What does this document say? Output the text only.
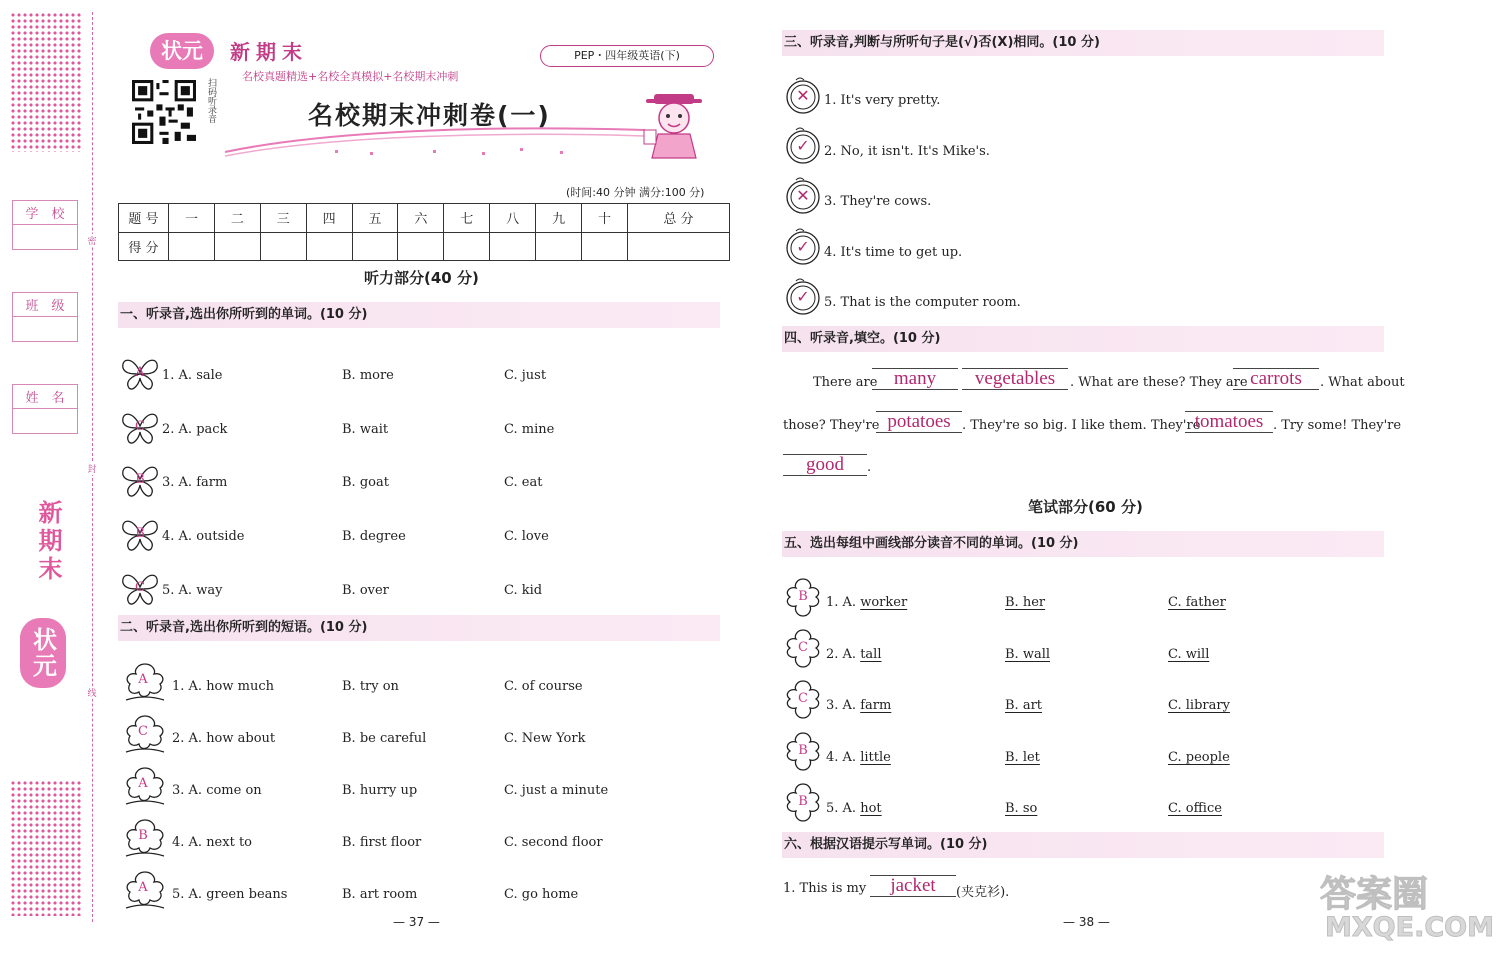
密
封
线
学 校
班 级
姓 名
新期末
状元
状元	新期末
名校真题精选+名校全真模拟+名校期末冲刺
PEP・四年级英语(下)
扫码听录音	名校期末冲刺卷(一)
(时间:40 分钟 满分:100 分)
题 号	一	二	三	四	五	六	七	八	九	十	总 分
得 分											
听力部分(40 分)
一、听录音,选出你所听到的单词。(10 分)
A	1. A. sale	B. more	C. just
C	2. A. pack	B. wait	C. mine
B	3. A. farm	B. goat	C. eat
B	4. A. outside	B. degree	C. love
C	5. A. way	B. over	C. kid
二、听录音,选出你所听到的短语。(10 分)
A	1. A. how much	B. try on	C. of course
C	2. A. how about	B. be careful	C. New York
A	3. A. come on	B. hurry up	C. just a minute
B	4. A. next to	B. first floor	C. second floor
A	5. A. green beans	B. art room	C. go home
— 37 —
三、听录音,判断与所听句子是(√)否(X)相同。(10 分)
✕	1. It's very pretty.
✓	2. No, it isn't. It's Mike's.
✕	3. They're cows.
✓	4. It's time to get up.
✓	5. That is the computer room.
四、听录音,填空。(10 分)
There are many	vegetables	. What are these? They are carrots	. What about
those? They're potatoes . They're so big. I like them. They're
tomatoes . Try some! They're
good	.
笔试部分(60 分)
五、选出每组中画线部分读音不同的单词。(10 分)
B	1. A. worker	B. her	C. father
C	2. A. tall	B. wall	C. will
C	3. A. farm	B. art	C. library
B	4. A. little	B. let	C. people
B	5. A. hot	B. so	C. office
六、根据汉语提示写单词。(10 分)
1. This is my	jacket	(夹克衫).
— 38 —
答案圈
MXQE.COM
